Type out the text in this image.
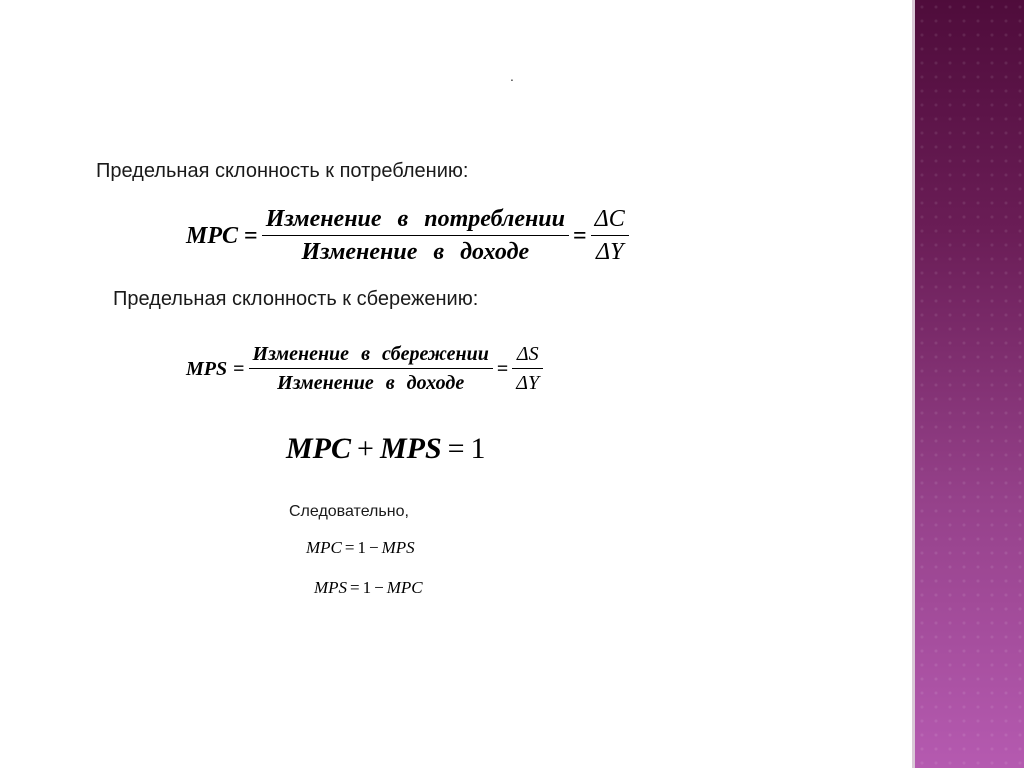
.
Предельная склонность к потреблению:
MPC = $\frac{\text{Изменение в потреблении}}{\text{Изменение в доходе}} = \frac{\Delta C}{\Delta Y}$
Предельная склонность к сбережению:
MPS = $\frac{\text{Изменение в сбережении}}{\text{Изменение в доходе}} = \frac{\Delta S}{\Delta Y}$
MPC + MPS = 1
Следовательно,
MPC = 1 − MPS
MPS = 1 − MPC
